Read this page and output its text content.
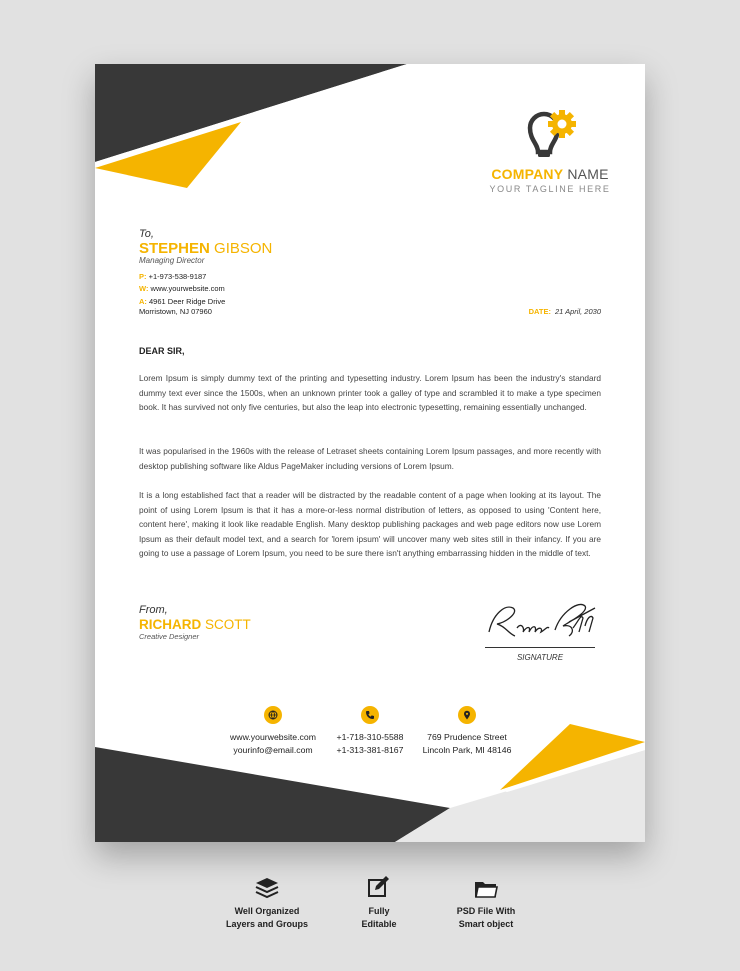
COMPANY NAME
YOUR TAGLINE HERE
To,
STEPHEN GIBSON
Managing Director
P: +1-973-538-9187
W: www.yourwebsite.com
A: 4961 Deer Ridge Drive
Morristown, NJ 07960	DATE: 21 April, 2030
DEAR SIR,
Lorem Ipsum is simply dummy text of the printing and typesetting industry. Lorem Ipsum has been the industry's standard dummy text ever since the 1500s, when an unknown printer took a galley of type and scrambled it to make a type specimen book. It has survived not only five centuries, but also the leap into electronic typesetting, remaining essentially unchanged.
It was popularised in the 1960s with the release of Letraset sheets containing Lorem Ipsum passages, and more recently with desktop publishing software like Aldus PageMaker including versions of Lorem Ipsum.
It is a long established fact that a reader will be distracted by the readable content of a page when looking at its layout. The point of using Lorem Ipsum is that it has a more-or-less normal distribution of letters, as opposed to using 'Content here, content here', making it look like readable English. Many desktop publishing packages and web page editors now use Lorem Ipsum as their default model text, and a search for 'lorem ipsum' will uncover many web sites still in their infancy. If you are going to use a passage of Lorem Ipsum, you need to be sure there isn't anything embarrassing hidden in the middle of text.
From,
RICHARD SCOTT
Creative Designer
SIGNATURE
www.yourwebsite.com
yourinfo@email.com
+1-718-310-5588
+1-313-381-8167
769 Prudence Street
Lincoln Park, MI 48146
Well Organized
Layers and Groups
Fully
Editable
PSD File With
Smart object
